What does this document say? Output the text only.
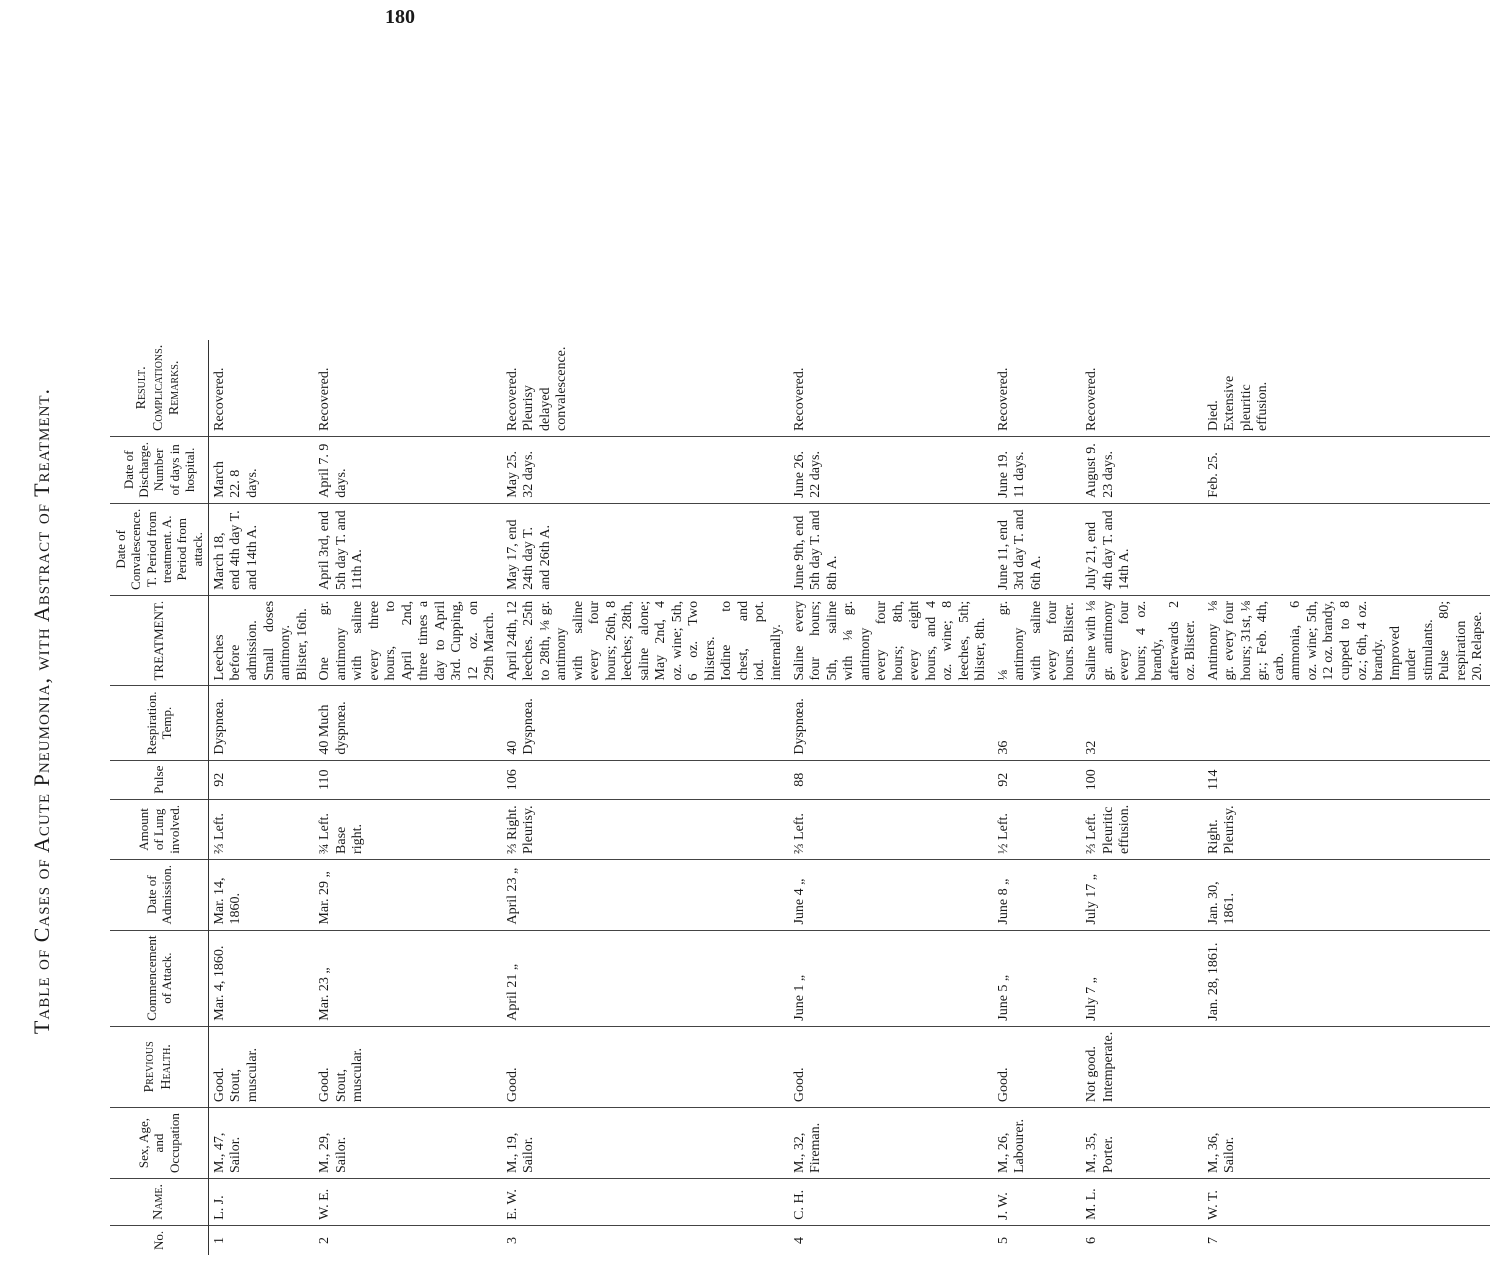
180
Table of Cases of Acute Pneumonia, with Abstract of Treatment.
No.	Name.	Sex, Age, and Occupation	Previous Health.	Commencement of Attack.	Date of Admission.	Amount of Lung involved.	Pulse	Respiration. Temp.	TREATMENT.	Date of Convalescence. T. Period from treatment. A. Period from attack.	Date of Discharge. Number of days in hospital.	Result. Complications. Remarks.
1	L. J.	M., 47, Sailor.	Good. Stout, muscular.	Mar. 4, 1860.	Mar. 14, 1860.	⅔ Left.	92	Dyspnœa.	Leeches before admission. Small doses antimony. Blister, 16th.	March 18, end 4th day T. and 14th A.	March 22. 8 days.	Recovered.
2	W. E.	M., 29, Sailor.	Good. Stout, muscular.	Mar. 23 „	Mar. 29 „	¾ Left. Base right.	110	40 Much dyspnœa.	One gr. antimony with saline every three hours, to April 2nd, three times a day to April 3rd. Cupping, 12 oz. on 29th March.	April 3rd, end 5th day T. and 11th A.	April 7. 9 days.	Recovered.
3	E. W.	M., 19, Sailor.	Good.	April 21 „	April 23 „	⅔ Right. Pleurisy.	106	40 Dyspnœa.	April 24th, 12 leeches. 25th to 28th, ⅛ gr. antimony with saline every four hours; 26th, 8 leeches; 28th, saline alone; May 2nd, 4 oz. wine; 5th, 6 oz. Two blisters. Iodine to chest, and iod. pot. internally.	May 17, end 24th day T. and 26th A.	May 25. 32 days.	Recovered. Pleurisy delayed convalescence.
4	C. H.	M., 32, Fireman.	Good.	June 1 „	June 4 „	⅔ Left.	88	Dyspnœa.	Saline every four hours; 5th, saline with ⅛ gr. antimony every four hours; 8th, every eight hours, and 4 oz. wine; 8 leeches, 5th; blister, 8th.	June 9th, end 5th day T. and 8th A.	June 26. 22 days.	Recovered.
5	J. W.	M., 26, Labourer.	Good.	June 5 „	June 8 „	½ Left.	92	36	⅛ gr. antimony with saline every four hours. Blister.	June 11, end 3rd day T. and 6th A.	June 19. 11 days.	Recovered.
6	M. L.	M., 35, Porter.	Not good. Intemperate.	July 7 „	July 17 „	⅔ Left. Pleuritic effusion.	100	32	Saline with ⅛ gr. antimony every four hours; 4 oz. brandy, afterwards 2 oz. Blister.	July 21, end 4th day T. and 14th A.	August 9. 23 days.	Recovered.
7	W. T.	M., 36, Sailor.		Jan. 28, 1861.	Jan. 30, 1861.	Right. Pleurisy.	114		Antimony ⅛ gr. every four hours; 31st, ⅛ gr.; Feb. 4th, carb. ammonia, 6 oz. wine; 5th, 12 oz. brandy, cupped to 8 oz.; 6th, 4 oz. brandy. Improved under stimulants. Pulse 80; respiration 20. Relapse.		Feb. 25.	Died. Extensive pleuritic effusion.
